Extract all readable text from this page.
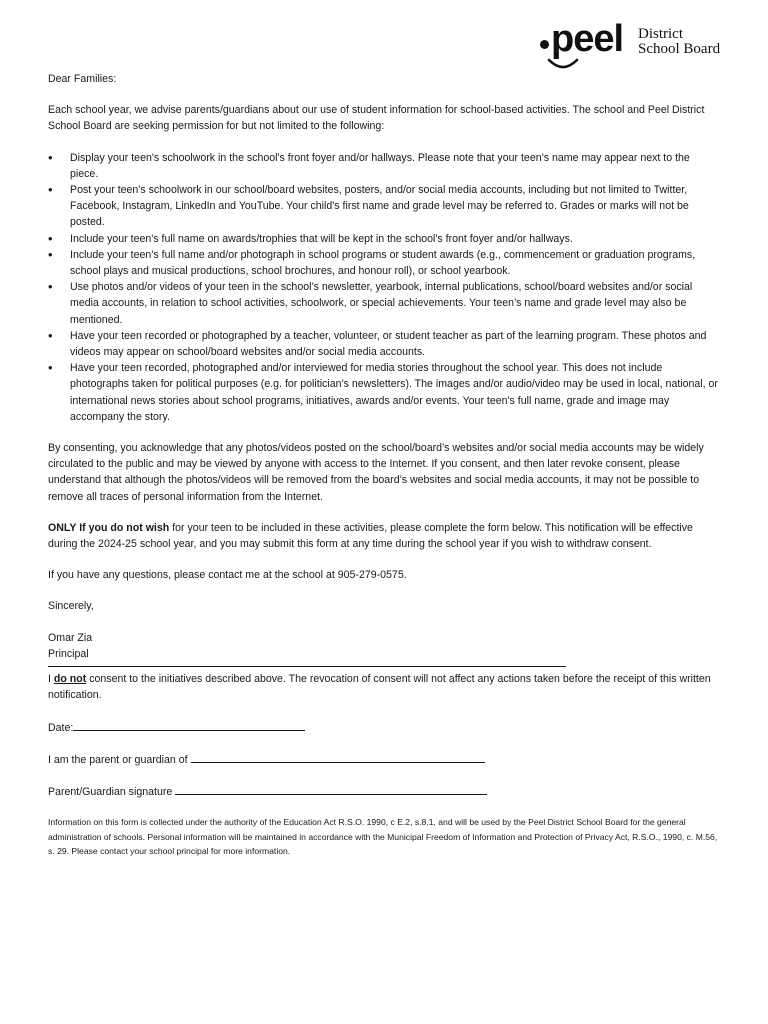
peel District
School Board

Dear Families:

Each school year, we advise parents/guardians about our use of student information for school-based activities. The school and Peel District School Board are seeking permission for but not limited to the following:

• Display your teen's schoolwork in the school's front foyer and/or hallways. Please note that your teen’s name may appear next to the piece.
• Post your teen's schoolwork in our school/board websites, posters, and/or social media accounts, including but not limited to Twitter, Facebook, Instagram, LinkedIn and YouTube. Your child's first name and grade level may be referred to. Grades or marks will not be posted.
• Include your teen's full name on awards/trophies that will be kept in the school's front foyer and/or hallways.
• Include your teen’s full name and/or photograph in school programs or student awards (e.g., commencement or graduation programs, school plays and musical productions, school brochures, and honour roll), or school yearbook.
• Use photos and/or videos of your teen in the school’s newsletter, yearbook, internal publications, school/board websites and/or social media accounts, in relation to school activities, schoolwork, or special achievements. Your teen’s name and grade level may also be mentioned.
• Have your teen recorded or photographed by a teacher, volunteer, or student teacher as part of the learning program. These photos and videos may appear on school/board websites and/or social media accounts.
• Have your teen recorded, photographed and/or interviewed for media stories throughout the school year. This does not include photographs taken for political purposes (e.g. for politician’s newsletters). The images and/or audio/video may be used in local, national, or international news stories about school programs, initiatives, awards and/or events. Your teen's full name, grade and image may accompany the story.

By consenting, you acknowledge that any photos/videos posted on the school/board’s websites and/or social media accounts may be widely circulated to the public and may be viewed by anyone with access to the Internet. If you consent, and then later revoke consent, please understand that although the photos/videos will be removed from the board’s websites and social media accounts, it may not be possible to remove all traces of personal information from the Internet.

ONLY If you do not wish for your teen to be included in these activities, please complete the form below. This notification will be effective during the 2024-25 school year, and you may submit this form at any time during the school year if you wish to withdraw consent.

If you have any questions, please contact me at the school at 905-279-0575.

Sincerely,

Omar Zia

Principal

I do not consent to the initiatives described above. The revocation of consent will not affect any actions taken before the receipt of this written notification.

Date:
I am the parent or guardian of
Parent/Guardian signature

Information on this form is collected under the authority of the Education Act R.S.O. 1990, c E.2, s.8.1, and will be used by the Peel District School Board for the general administration of schools. Personal information will be maintained in accordance with the Municipal Freedom of Information and Protection of Privacy Act, R.S.O., 1990, c. M.56, s. 29. Please contact your school principal for more information.
